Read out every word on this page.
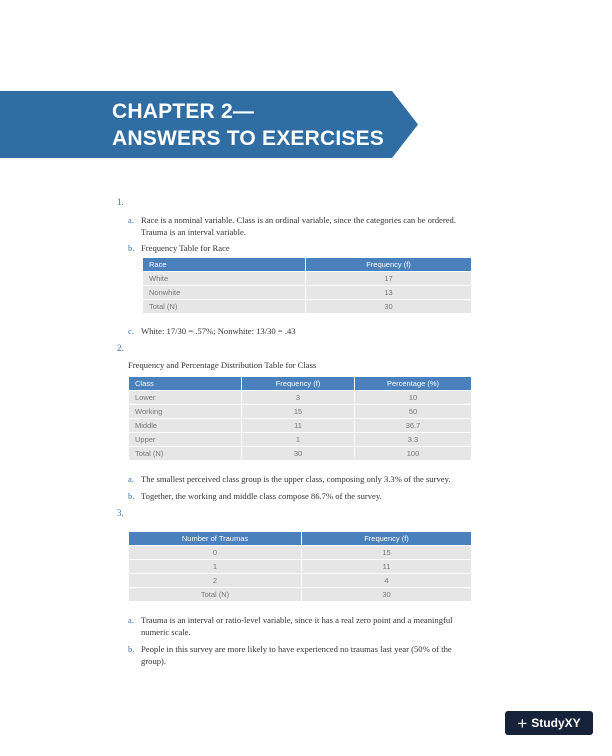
CHAPTER 2—
ANSWERS TO EXERCISES
1.
a. Race is a nominal variable. Class is an ordinal variable, since the categories can be ordered. Trauma is an interval variable.
b. Frequency Table for Race
Race	Frequency (f)
White	17
Nonwhite	13
Total (N)	30
c. White: 17/30 = .57%; Nonwhite: 13/30 = .43
2.
Frequency and Percentage Distribution Table for Class
Class	Frequency (f)	Percentage (%)
Lower	3	10
Working	15	50
Middle	11	36.7
Upper	1	3.3
Total (N)	30	100
a. The smallest perceived class group is the upper class, composing only 3.3% of the survey.
b. Together, the working and middle class compose 86.7% of the survey.
3.
Number of Traumas	Frequency (f)
0	15
1	11
2	4
Total (N)	30
a. Trauma is an interval or ratio-level variable, since it has a real zero point and a meaningful numeric scale.
b. People in this survey are more likely to have experienced no traumas last year (50% of the group).
+ StudyXY
